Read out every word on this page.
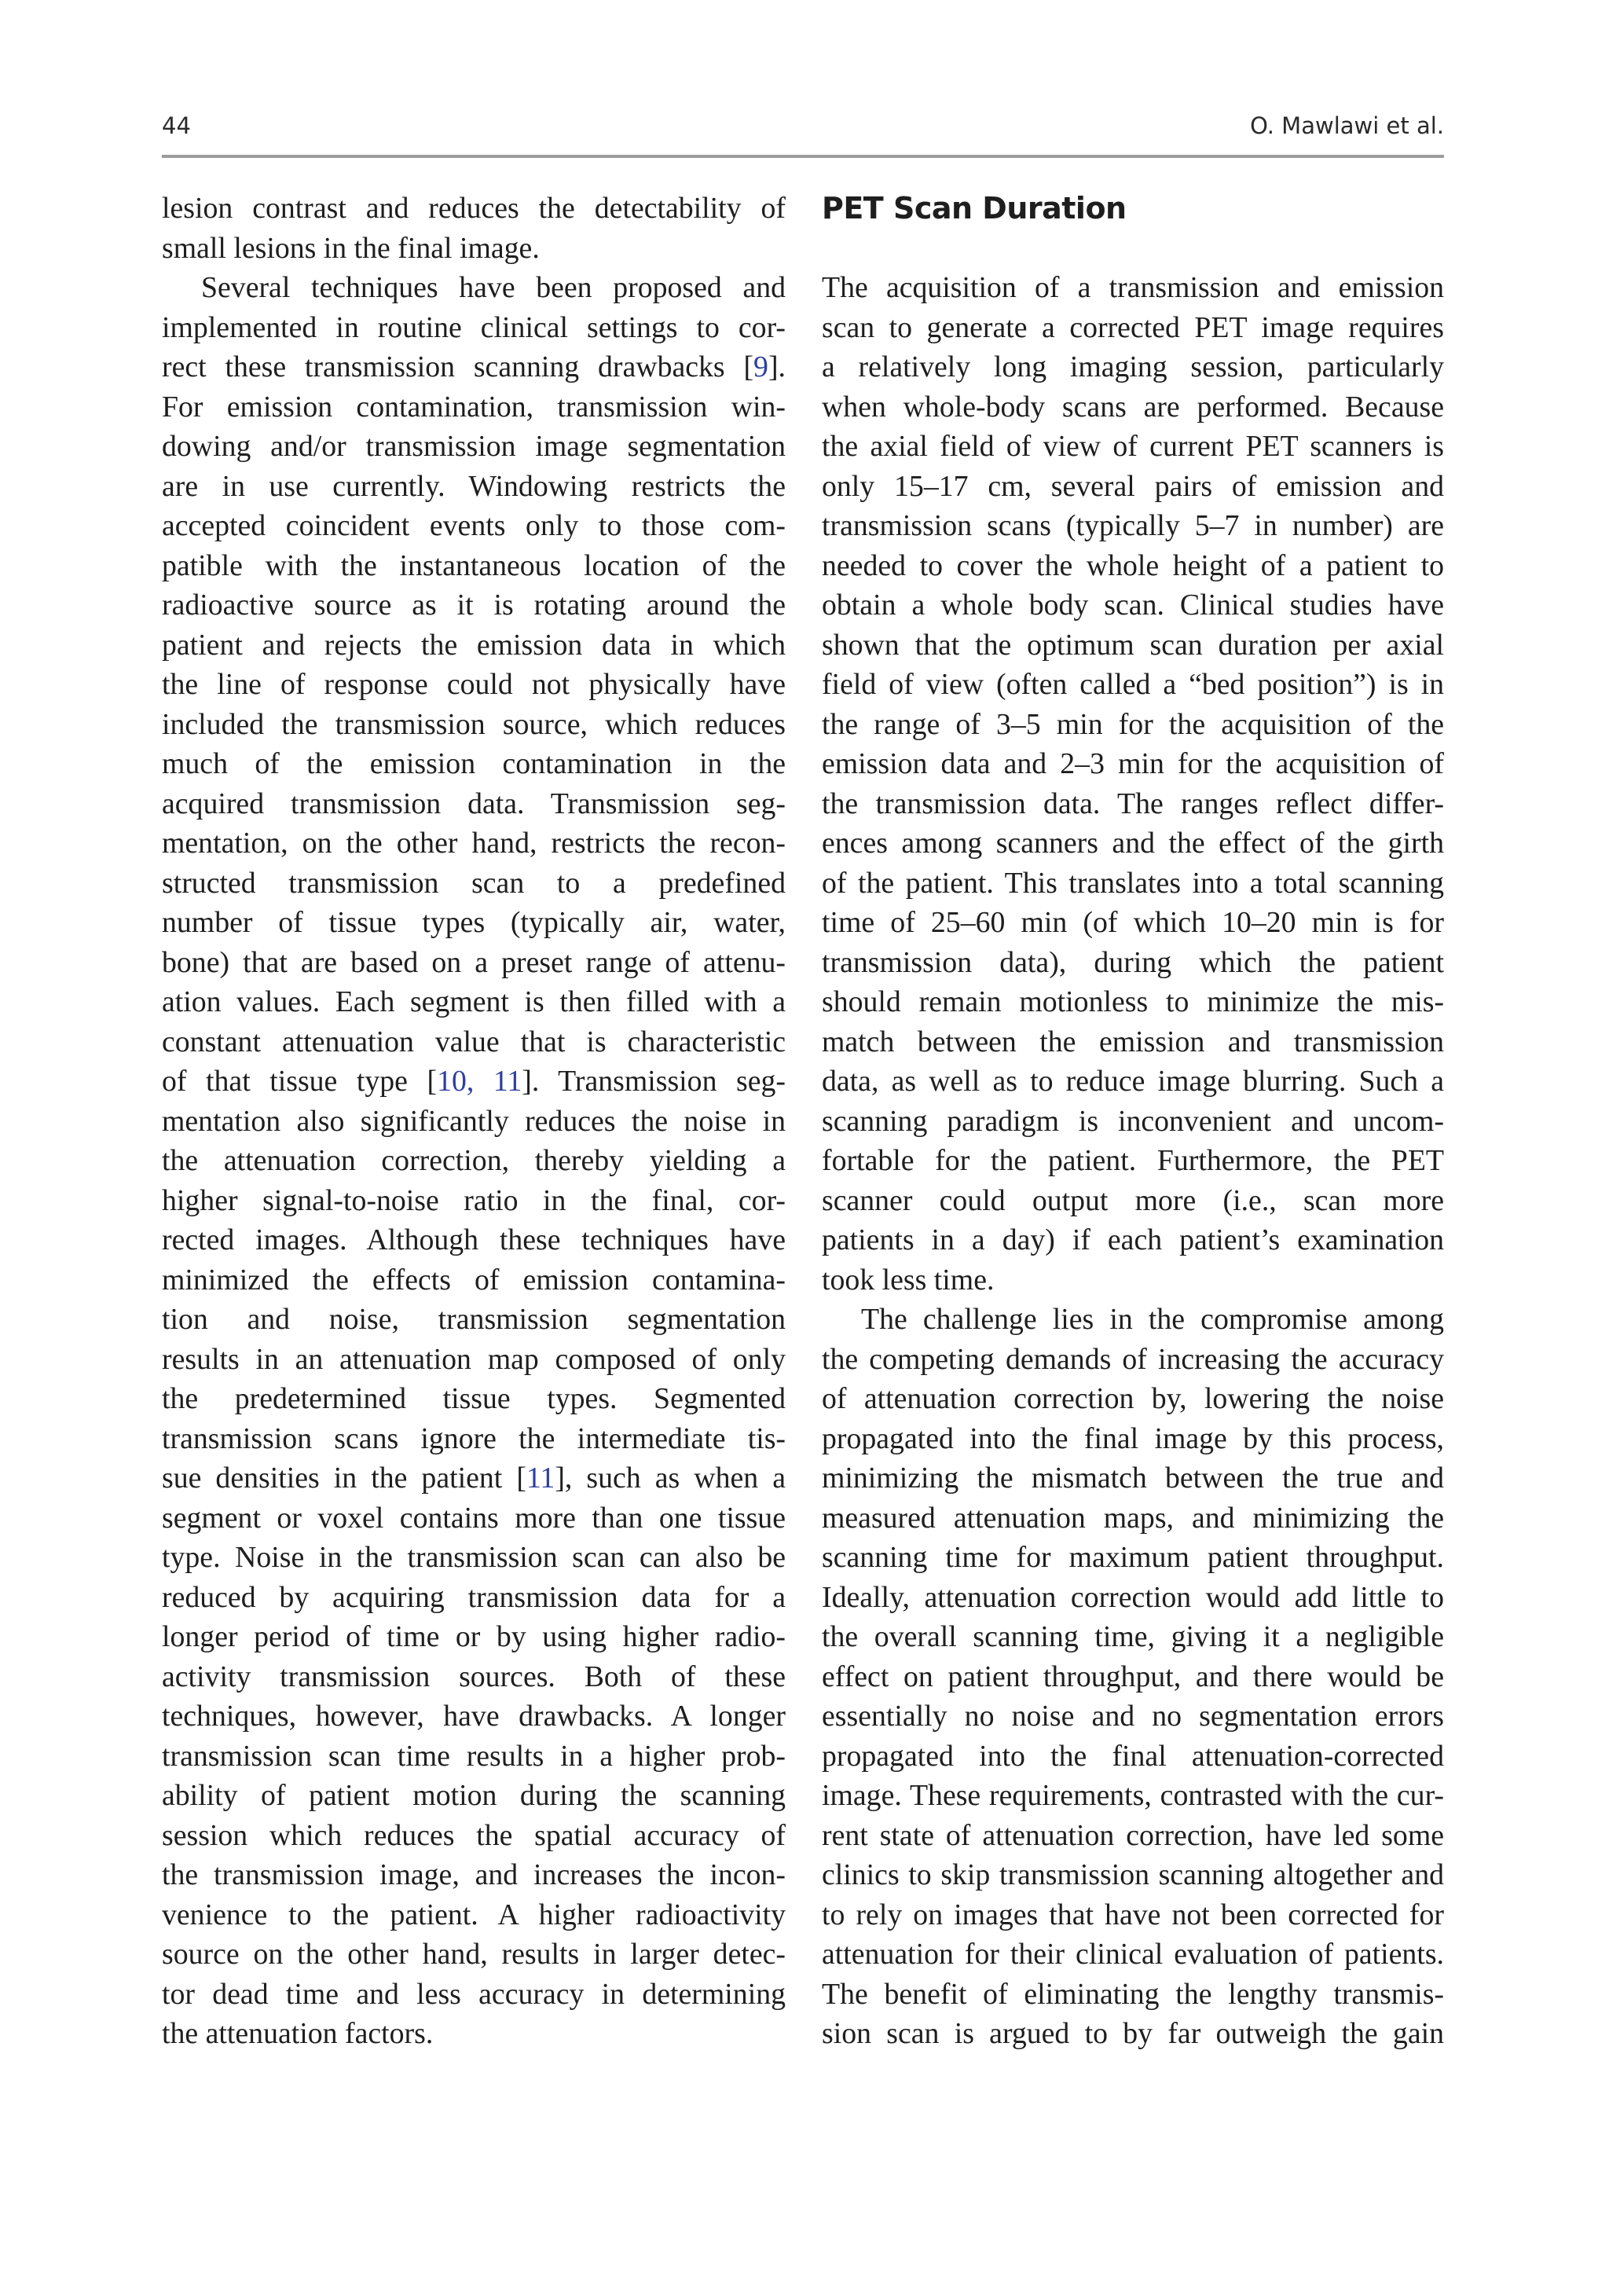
44	O. Mawlawi et al.

lesion contrast and reduces the detectability of
small lesions in the final image.

Several techniques have been proposed and
implemented in routine clinical settings to cor-
rect these transmission scanning drawbacks [9].
For emission contamination, transmission win-
dowing and/or transmission image segmentation
are in use currently. Windowing restricts the
accepted coincident events only to those com-
patible with the instantaneous location of the
radioactive source as it is rotating around the
patient and rejects the emission data in which
the line of response could not physically have
included the transmission source, which reduces
much of the emission contamination in the
acquired transmission data. Transmission seg-
mentation, on the other hand, restricts the recon-
structed transmission scan to a predefined
number of tissue types (typically air, water,
bone) that are based on a preset range of attenu-
ation values. Each segment is then filled with a
constant attenuation value that is characteristic
of that tissue type [10, 11]. Transmission seg-
mentation also significantly reduces the noise in
the attenuation correction, thereby yielding a
higher signal-to-noise ratio in the final, cor-
rected images. Although these techniques have
minimized the effects of emission contamina-
tion and noise, transmission segmentation
results in an attenuation map composed of only
the predetermined tissue types. Segmented
transmission scans ignore the intermediate tis-
sue densities in the patient [11], such as when a
segment or voxel contains more than one tissue
type. Noise in the transmission scan can also be
reduced by acquiring transmission data for a
longer period of time or by using higher radio-
activity transmission sources. Both of these
techniques, however, have drawbacks. A longer
transmission scan time results in a higher prob-
ability of patient motion during the scanning
session which reduces the spatial accuracy of
the transmission image, and increases the incon-
venience to the patient. A higher radioactivity
source on the other hand, results in larger detec-
tor dead time and less accuracy in determining
the attenuation factors.

PET Scan Duration

The acquisition of a transmission and emission
scan to generate a corrected PET image requires
a relatively long imaging session, particularly
when whole-body scans are performed. Because
the axial field of view of current PET scanners is
only 15–17 cm, several pairs of emission and
transmission scans (typically 5–7 in number) are
needed to cover the whole height of a patient to
obtain a whole body scan. Clinical studies have
shown that the optimum scan duration per axial
field of view (often called a “bed position”) is in
the range of 3–5 min for the acquisition of the
emission data and 2–3 min for the acquisition of
the transmission data. The ranges reflect differ-
ences among scanners and the effect of the girth
of the patient. This translates into a total scanning
time of 25–60 min (of which 10–20 min is for
transmission data), during which the patient
should remain motionless to minimize the mis-
match between the emission and transmission
data, as well as to reduce image blurring. Such a
scanning paradigm is inconvenient and uncom-
fortable for the patient. Furthermore, the PET
scanner could output more (i.e., scan more
patients in a day) if each patient’s examination
took less time.

The challenge lies in the compromise among
the competing demands of increasing the accuracy
of attenuation correction by, lowering the noise
propagated into the final image by this process,
minimizing the mismatch between the true and
measured attenuation maps, and minimizing the
scanning time for maximum patient throughput.
Ideally, attenuation correction would add little to
the overall scanning time, giving it a negligible
effect on patient throughput, and there would be
essentially no noise and no segmentation errors
propagated into the final attenuation-corrected
image. These requirements, contrasted with the cur-
rent state of attenuation correction, have led some
clinics to skip transmission scanning altogether and
to rely on images that have not been corrected for
attenuation for their clinical evaluation of patients.
The benefit of eliminating the lengthy transmis-
sion scan is argued to by far outweigh the gain
